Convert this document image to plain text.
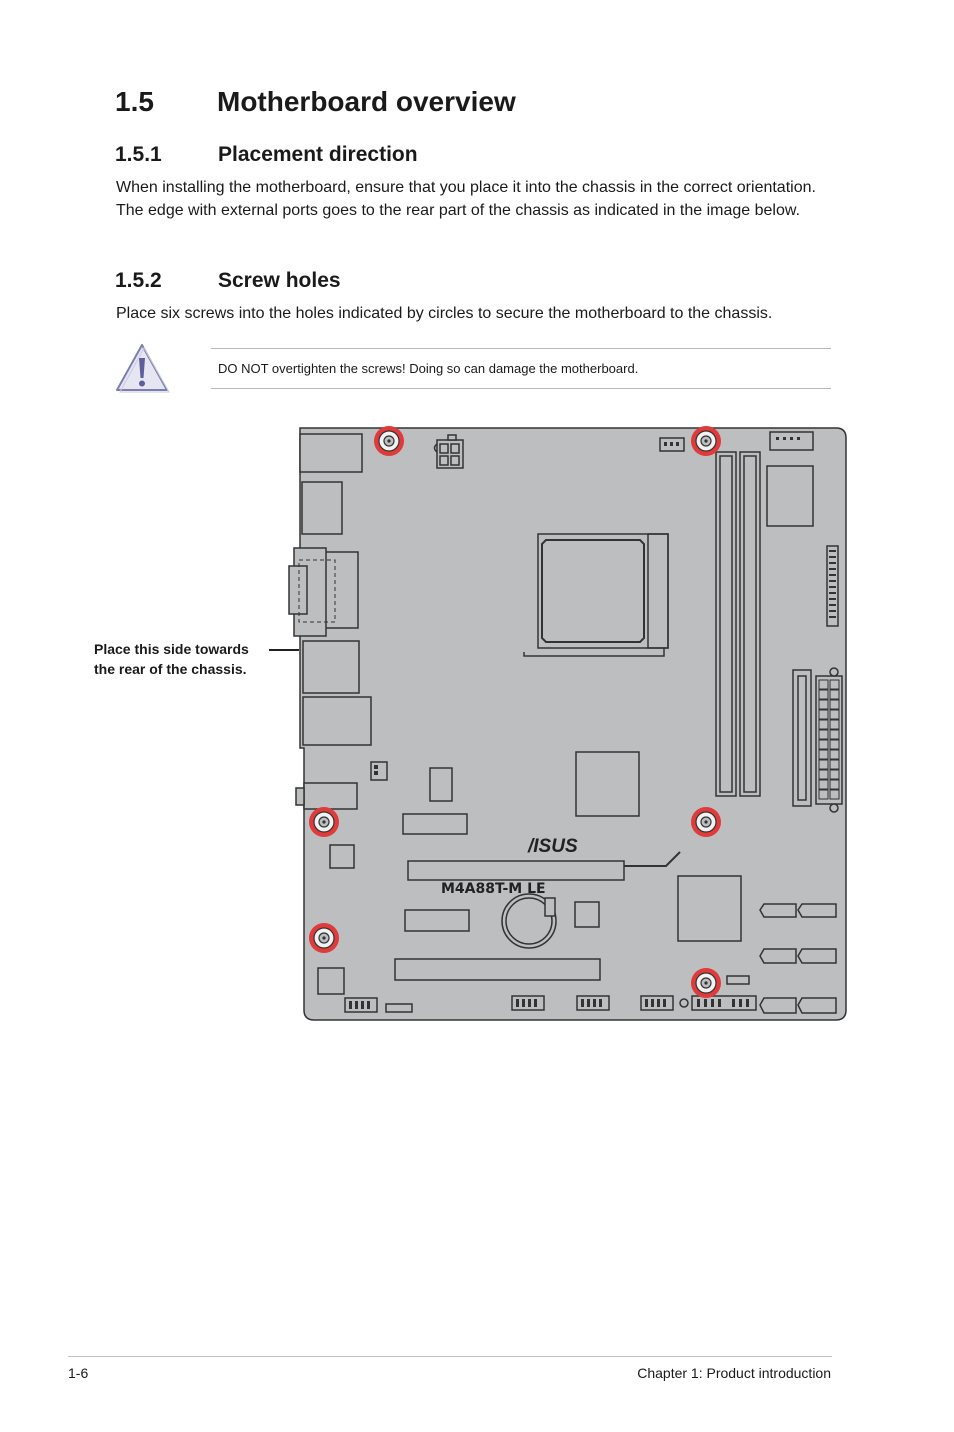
1.5 Motherboard overview
1.5.1	Placement direction

When installing the motherboard, ensure that you place it into the chassis in the correct orientation. The edge with external ports goes to the rear part of the chassis as indicated in the image below.

1.5.2	Screw holes

Place six screws into the holes indicated by circles to secure the motherboard to the chassis.

DO NOT overtighten the screws! Doing so can damage the motherboard.
Place this side towards
the rear of the chassis.
/ISUS
M4A88T-M LE
1-6	Chapter 1: Product introduction
